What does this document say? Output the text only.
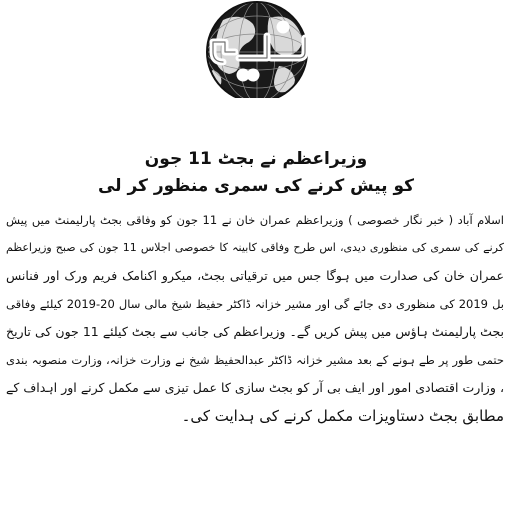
وزیراعظم نے بجٹ 11 جون
کو پیش کرنے کی سمری منظور کر لی
اسلام آباد ( خبر نگار خصوصی ) وزیراعظم عمران خان نے 11 جون کو وفاقی بجٹ پارلیمنٹ میں پیش
کرنے کی سمری کی منظوری دیدی، اس طرح وفاقی کابینہ کا خصوصی اجلاس 11 جون کی صبح وزیراعظم
عمران خان کی صدارت میں ہوگا جس میں ترقیاتی بجٹ، میکرو اکنامک فریم ورک اور فنانس
بل 2019 کی منظوری دی جائے گی اور مشیر خزانہ ڈاکٹر حفیظ شیخ مالی سال 20-2019 کیلئے وفاقی
بجٹ پارلیمنٹ ہاؤس میں پیش کریں گے۔ وزیراعظم کی جانب سے بجٹ کیلئے 11 جون کی تاریخ
حتمی طور پر طے ہونے کے بعد مشیر خزانہ ڈاکٹر عبدالحفیظ شیخ نے وزارت خزانہ، وزارت منصوبہ بندی
، وزارت اقتصادی امور اور ایف بی آر کو بجٹ سازی کا عمل تیزی سے مکمل کرنے اور اہداف کے
مطابق بجٹ دستاویزات مکمل کرنے کی ہدایت کی۔
